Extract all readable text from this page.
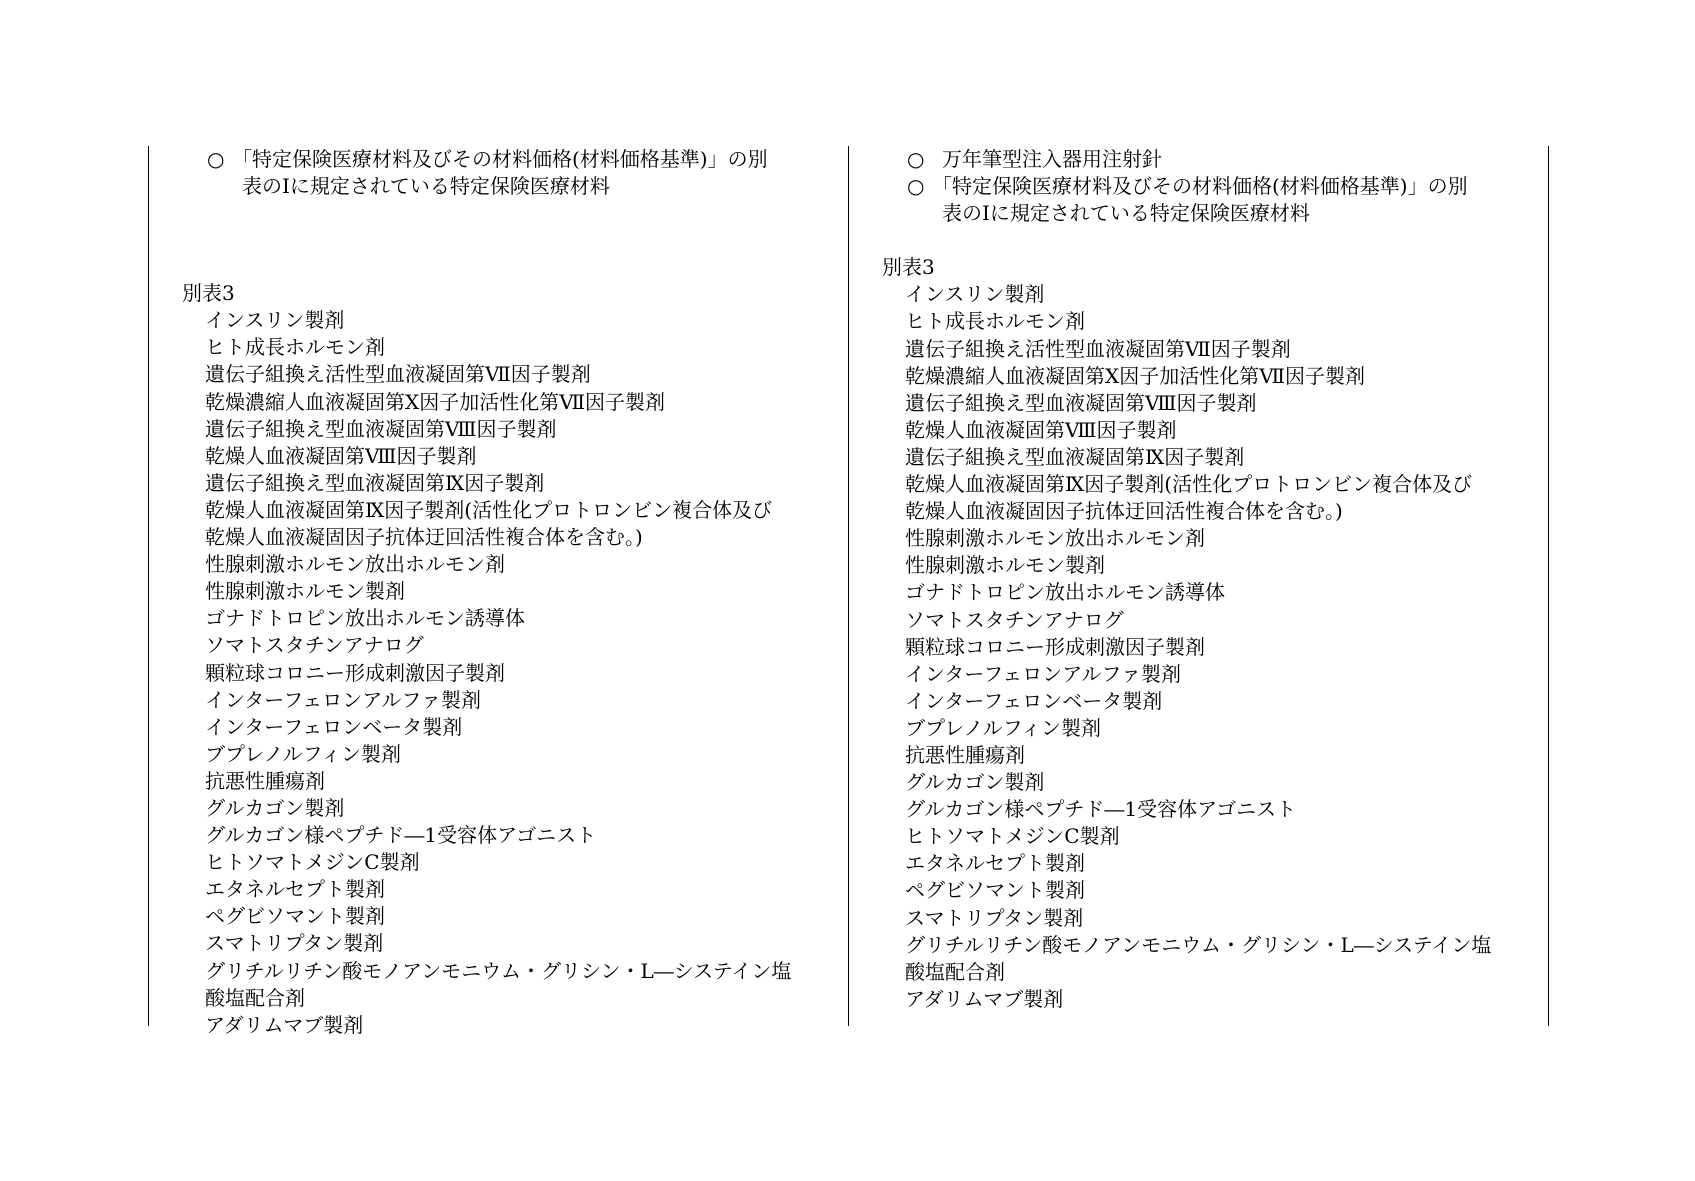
○
　「特定保険医療材料及びその材料価格(材料価格基準)」の別
表のⅠに規定されている特定保険医療材料
別表3
インスリン製剤
ヒト成長ホルモン剤
遺伝子組換え活性型血液凝固第Ⅶ因子製剤
乾燥濃縮人血液凝固第Ⅹ因子加活性化第Ⅶ因子製剤
遺伝子組換え型血液凝固第Ⅷ因子製剤
乾燥人血液凝固第Ⅷ因子製剤
遺伝子組換え型血液凝固第Ⅸ因子製剤
乾燥人血液凝固第Ⅸ因子製剤(活性化プロトロンビン複合体及び
乾燥人血液凝固因子抗体迂回活性複合体を含む。)
性腺刺激ホルモン放出ホルモン剤
性腺刺激ホルモン製剤
ゴナドトロピン放出ホルモン誘導体
ソマトスタチンアナログ
顆粒球コロニー形成刺激因子製剤
インターフェロンアルファ製剤
インターフェロンベータ製剤
ブプレノルフィン製剤
抗悪性腫瘍剤
グルカゴン製剤
グルカゴン様ペプチド―1受容体アゴニスト
ヒトソマトメジンC製剤
エタネルセプト製剤
ペグビソマント製剤
スマトリプタン製剤
グリチルリチン酸モノアンモニウム・グリシン・L―システイン塩
酸塩配合剤
アダリムマブ製剤
○
　万年筆型注入器用注射針
○
　「特定保険医療材料及びその材料価格(材料価格基準)」の別
表のⅠに規定されている特定保険医療材料
別表3
インスリン製剤
ヒト成長ホルモン剤
遺伝子組換え活性型血液凝固第Ⅶ因子製剤
乾燥濃縮人血液凝固第Ⅹ因子加活性化第Ⅶ因子製剤
遺伝子組換え型血液凝固第Ⅷ因子製剤
乾燥人血液凝固第Ⅷ因子製剤
遺伝子組換え型血液凝固第Ⅸ因子製剤
乾燥人血液凝固第Ⅸ因子製剤(活性化プロトロンビン複合体及び
乾燥人血液凝固因子抗体迂回活性複合体を含む。)
性腺刺激ホルモン放出ホルモン剤
性腺刺激ホルモン製剤
ゴナドトロピン放出ホルモン誘導体
ソマトスタチンアナログ
顆粒球コロニー形成刺激因子製剤
インターフェロンアルファ製剤
インターフェロンベータ製剤
ブプレノルフィン製剤
抗悪性腫瘍剤
グルカゴン製剤
グルカゴン様ペプチド―1受容体アゴニスト
ヒトソマトメジンC製剤
エタネルセプト製剤
ペグビソマント製剤
スマトリプタン製剤
グリチルリチン酸モノアンモニウム・グリシン・L―システイン塩
酸塩配合剤
アダリムマブ製剤
